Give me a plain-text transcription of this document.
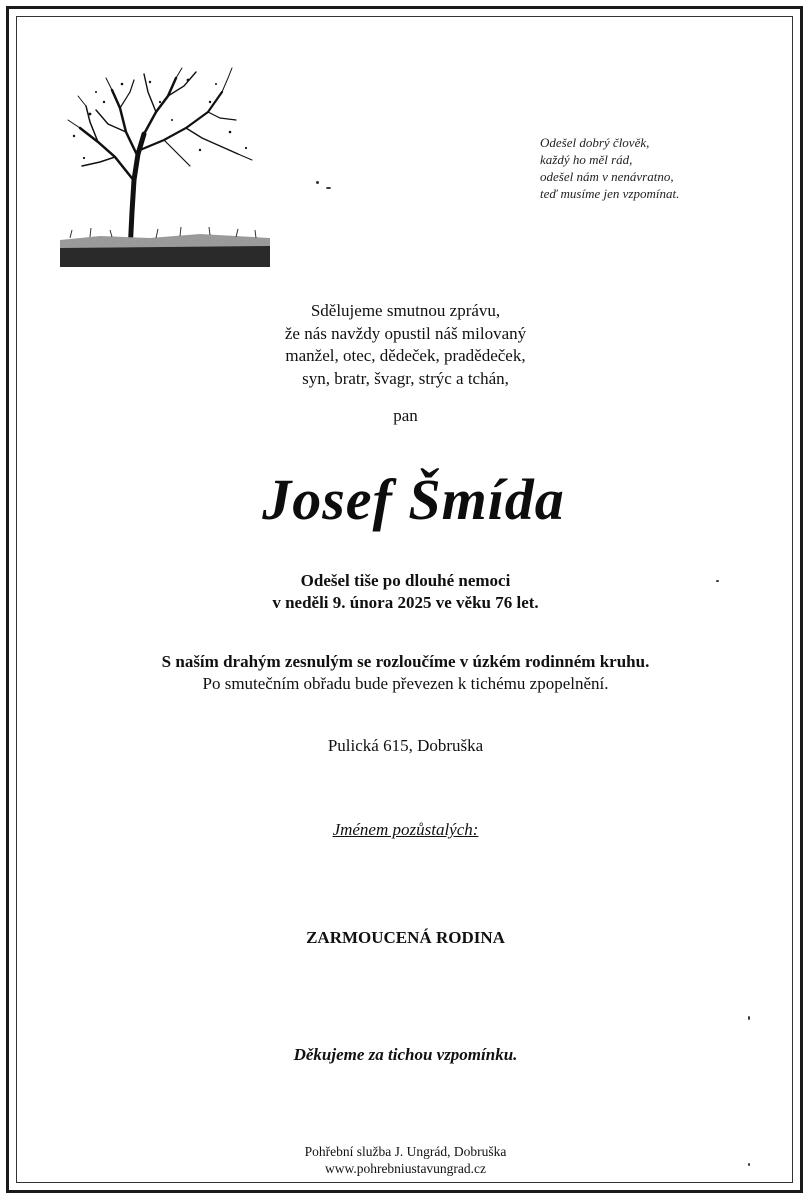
Odešel dobrý člověk,
každý ho měl rád,
odešel nám v nenávratno,
teď musíme jen vzpomínat.
Sdělujeme smutnou zprávu,
že nás navždy opustil náš milovaný
manžel, otec, dědeček, pradědeček,
syn, bratr, švagr, strýc a tchán,
pan
Josef Šmída
Odešel tiše po dlouhé nemoci
v neděli 9. února 2025 ve věku 76 let.
S naším drahým zesnulým se rozloučíme v úzkém rodinném kruhu.
Po smutečním obřadu bude převezen k tichému zpopelnění.
Pulická 615, Dobruška
Jménem pozůstalých:
ZARMOUCENÁ RODINA
Děkujeme za tichou vzpomínku.
Pohřební služba J. Ungrád, Dobruška
www.pohrebniustavungrad.cz
